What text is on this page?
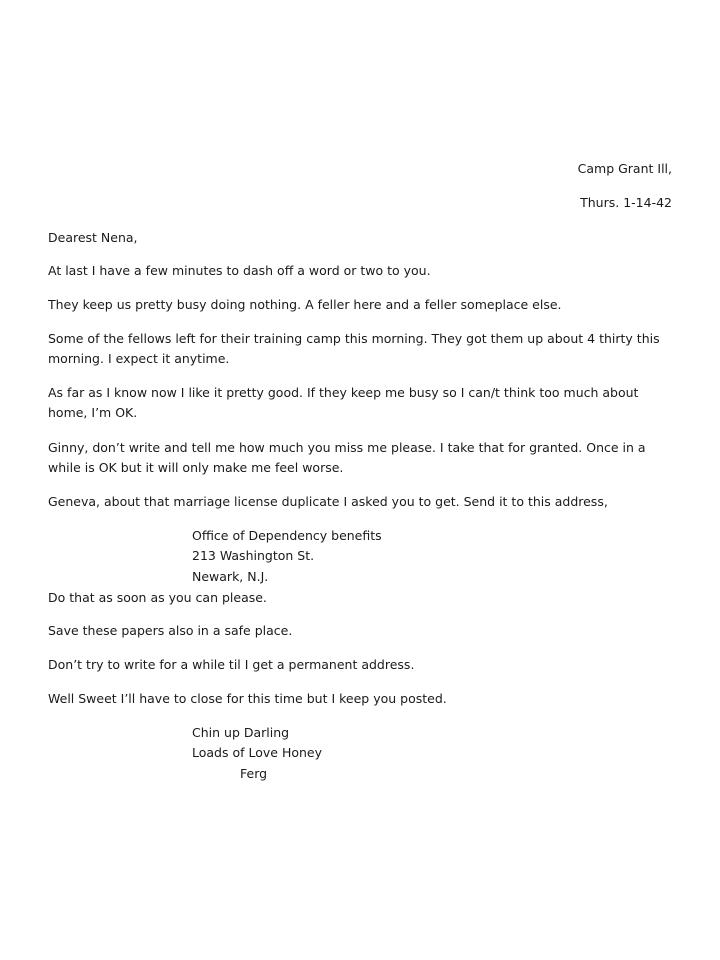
Camp Grant Ill,
Thurs. 1-14-42

Dearest Nena,

At last I have a few minutes to dash off a word or two to you.

They keep us pretty busy doing nothing. A feller here and a feller someplace else.

Some of the fellows left for their training camp this morning. They got them up about 4 thirty this morning. I expect it anytime.

As far as I know now I like it pretty good. If they keep me busy so I can/t think too much about home, I’m OK.

Ginny, don’t write and tell me how much you miss me please. I take that for granted. Once in a while is OK but it will only make me feel worse.

Geneva, about that marriage license duplicate I asked you to get. Send it to this address,

Office of Dependency benefits
213 Washington St.
Newark, N.J.

Do that as soon as you can please.

Save these papers also in a safe place.

Don’t try to write for a while til I get a permanent address.

Well Sweet I’ll have to close for this time but I keep you posted.

Chin up Darling
Loads of Love Honey
Ferg
